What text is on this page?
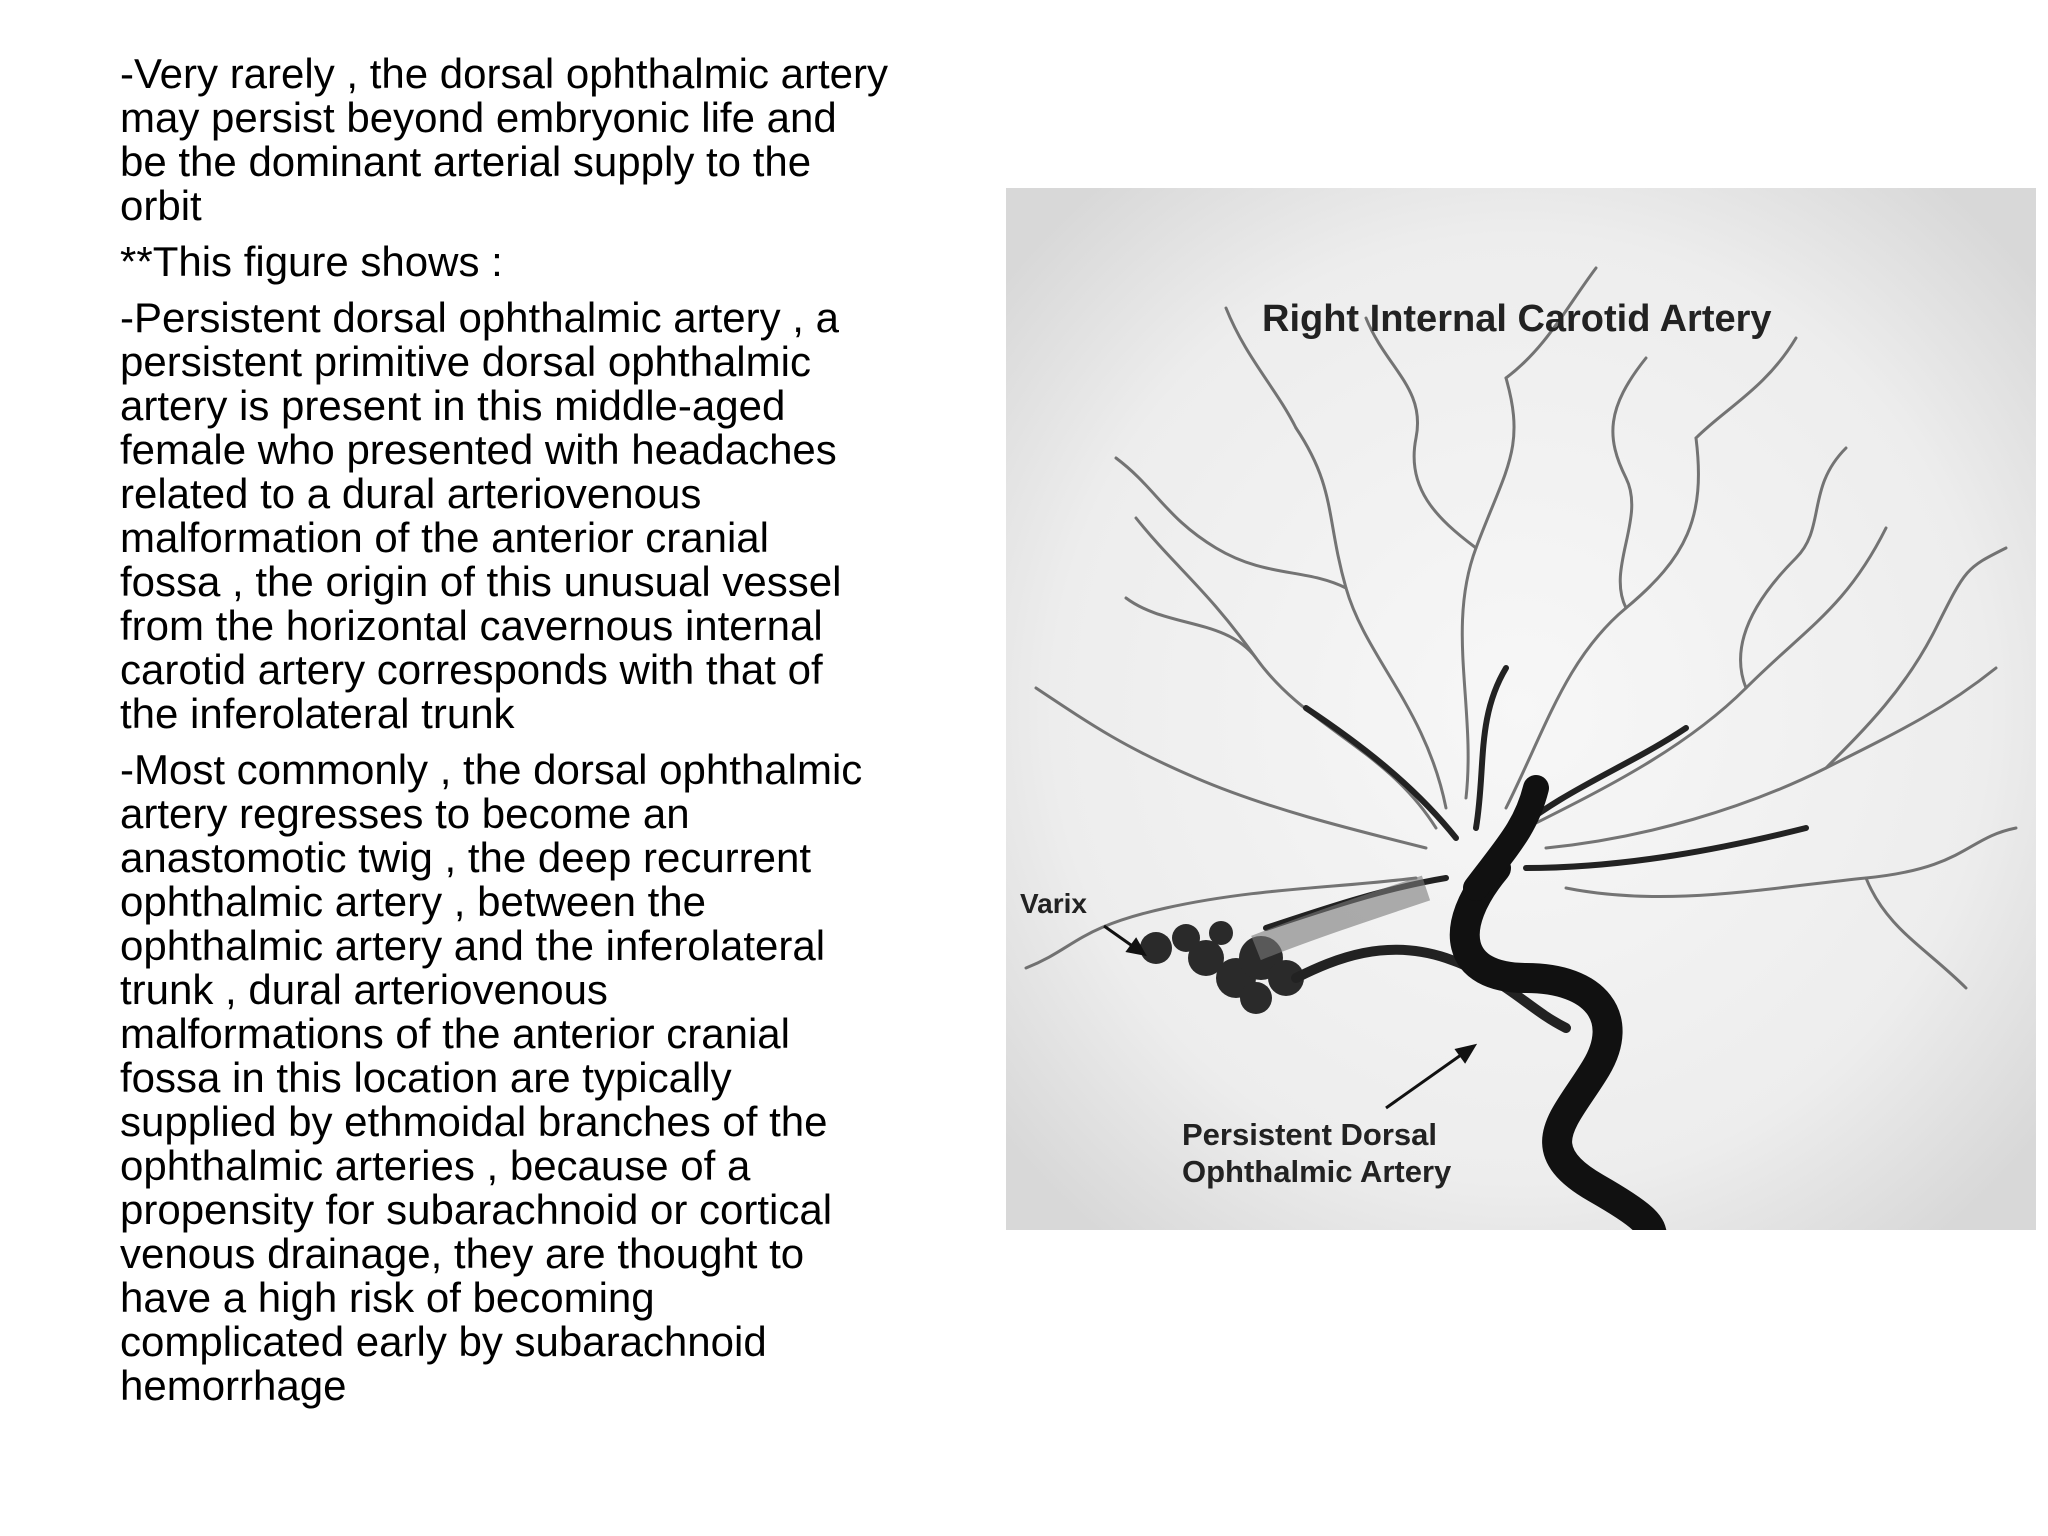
-Very rarely , the dorsal ophthalmic artery
may persist beyond embryonic life and
be the dominant arterial supply to the
orbit
**This figure shows :
-Persistent dorsal ophthalmic artery , a
persistent primitive dorsal ophthalmic
artery is present in this middle-aged
female who presented with headaches
related to a dural arteriovenous
malformation of the anterior cranial
fossa , the origin of this unusual vessel
from the horizontal cavernous internal
carotid artery corresponds with that of
the inferolateral trunk
-Most commonly , the dorsal ophthalmic
artery regresses to become an
anastomotic twig , the deep recurrent
ophthalmic artery , between the
ophthalmic artery and the inferolateral
trunk , dural arteriovenous
malformations of the anterior cranial
fossa in this location are typically
supplied by ethmoidal branches of the
ophthalmic arteries , because of a
propensity for subarachnoid or cortical
venous drainage, they are thought to
have a high risk of becoming
complicated early by subarachnoid
hemorrhage
Right Internal Carotid Artery
Varix
Persistent Dorsal
Ophthalmic Artery
